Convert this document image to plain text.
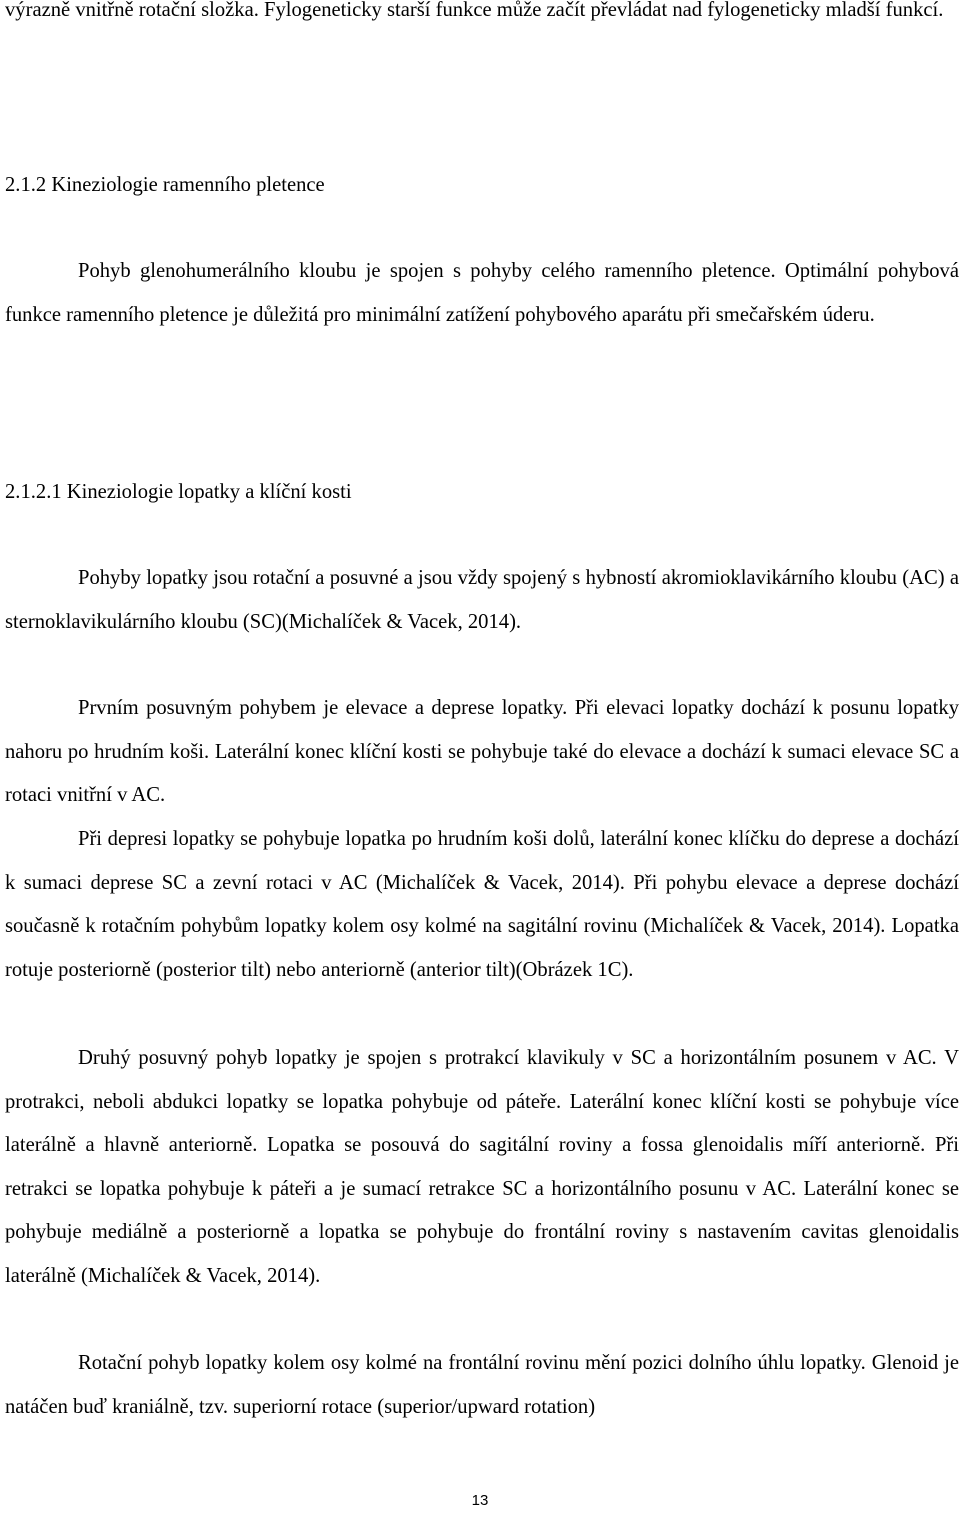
výrazně vnitřně rotační složka. Fylogeneticky starší funkce může začít převládat nad fylogeneticky mladší funkcí.

2.1.2 Kineziologie ramenního pletence

Pohyb glenohumerálního kloubu je spojen s pohyby celého ramenního pletence. Optimální pohybová funkce ramenního pletence je důležitá pro minimální zatížení pohybového aparátu při smečařském úderu.

2.1.2.1 Kineziologie lopatky a klíční kosti

Pohyby lopatky jsou rotační a posuvné a jsou vždy spojený s hybností akromioklavikárního kloubu (AC) a sternoklavikulárního kloubu (SC)(Michalíček & Vacek, 2014).

Prvním posuvným pohybem je elevace a deprese lopatky. Při elevaci lopatky dochází k posunu lopatky nahoru po hrudním koši. Laterální konec klíční kosti se pohybuje také do elevace a dochází k sumaci elevace SC a rotaci vnitřní v AC.

Při depresi lopatky se pohybuje lopatka po hrudním koši dolů, laterální konec klíčku do deprese a dochází k sumaci deprese SC a zevní rotaci v AC (Michalíček & Vacek, 2014). Při pohybu elevace a deprese dochází současně k rotačním pohybům lopatky kolem osy kolmé na sagitální rovinu (Michalíček & Vacek, 2014). Lopatka rotuje posteriorně (posterior tilt) nebo anteriorně (anterior tilt)(Obrázek 1C).

Druhý posuvný pohyb lopatky je spojen s protrakcí klavikuly v SC a horizontálním posunem v AC. V protrakci, neboli abdukci lopatky se lopatka pohybuje od páteře. Laterální konec klíční kosti se pohybuje více laterálně a hlavně anteriorně. Lopatka se posouvá do sagitální roviny a fossa glenoidalis míří anteriorně. Při retrakci se lopatka pohybuje k páteři a je sumací retrakce SC a horizontálního posunu v AC. Laterální konec se pohybuje mediálně a posteriorně a lopatka se pohybuje do frontální roviny s nastavením cavitas glenoidalis laterálně (Michalíček & Vacek, 2014).

Rotační pohyb lopatky kolem osy kolmé na frontální rovinu mění pozici dolního úhlu lopatky. Glenoid je natáčen buď kraniálně, tzv. superiorní rotace (superior/upward rotation)

13
